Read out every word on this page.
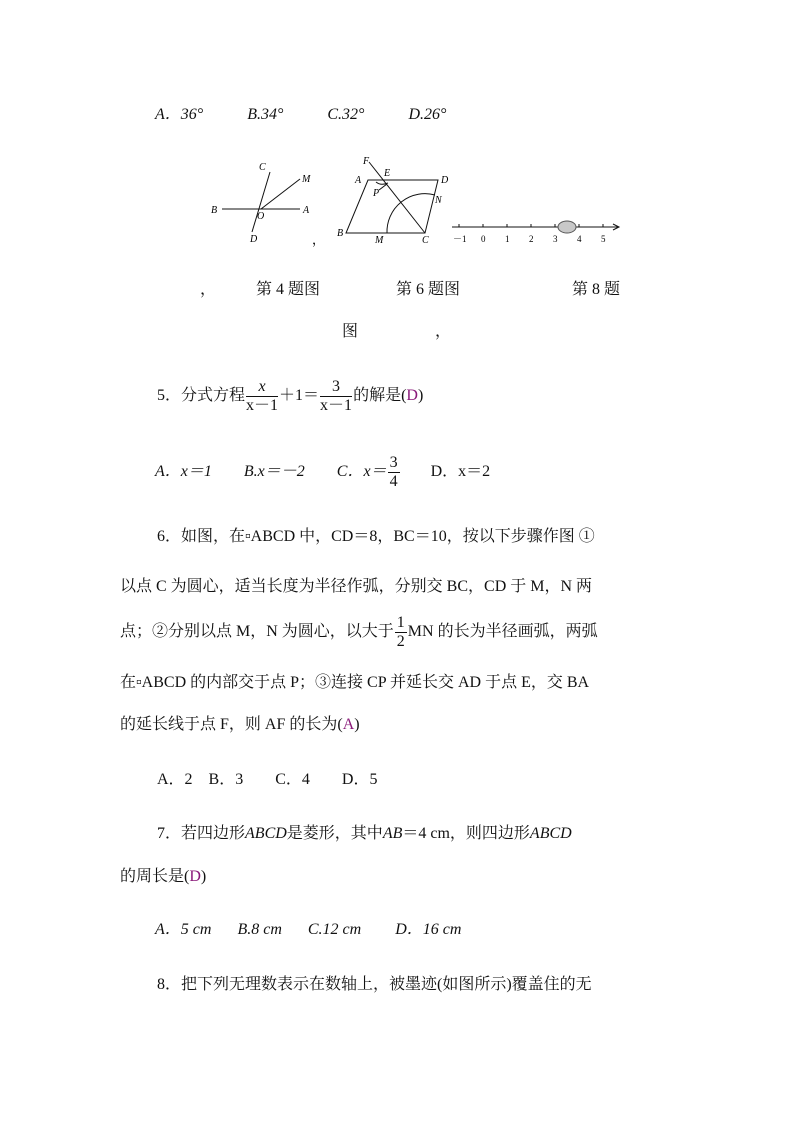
A．36°	B.34°	C.32°	D.26°
C
M
B
O
A
D	，
F
E
A	D
P
N
B
M	C	－1 0 1 2 3 4 5
， 第 4 题图	第 6 题图	第 8 题
图	，
5．分式方程 $\frac{x}{x-1} +1= \frac{3}{x-1}$ 的解是(D)
A．x＝1 B.x＝－2 C．$x= \frac{3}{4}$ D．x＝2
6．如图，在▫ABCD 中，CD＝8，BC＝10，按以下步骤作图 ①
以点 C 为圆心，适当长度为半径作弧，分别交 BC，CD 于 M，N 两
点；②分别以点 M，N 为圆心，以大于 $\frac{1}{2}$ MN 的长为半径画弧，两弧
在▫ABCD 的内部交于点 P；③连接 CP 并延长交 AD 于点 E，交 BA
的延长线于点 F，则 AF 的长为(A)
A．2　B．3　　C．4　　D．5
7．若四边形ABCD是菱形，其中AB＝4 cm，则四边形ABCD
的周长是(D)
A．5 cm B.8 cm C.12 cm D．16 cm
8．把下列无理数表示在数轴上，被墨迹(如图所示)覆盖住的无
